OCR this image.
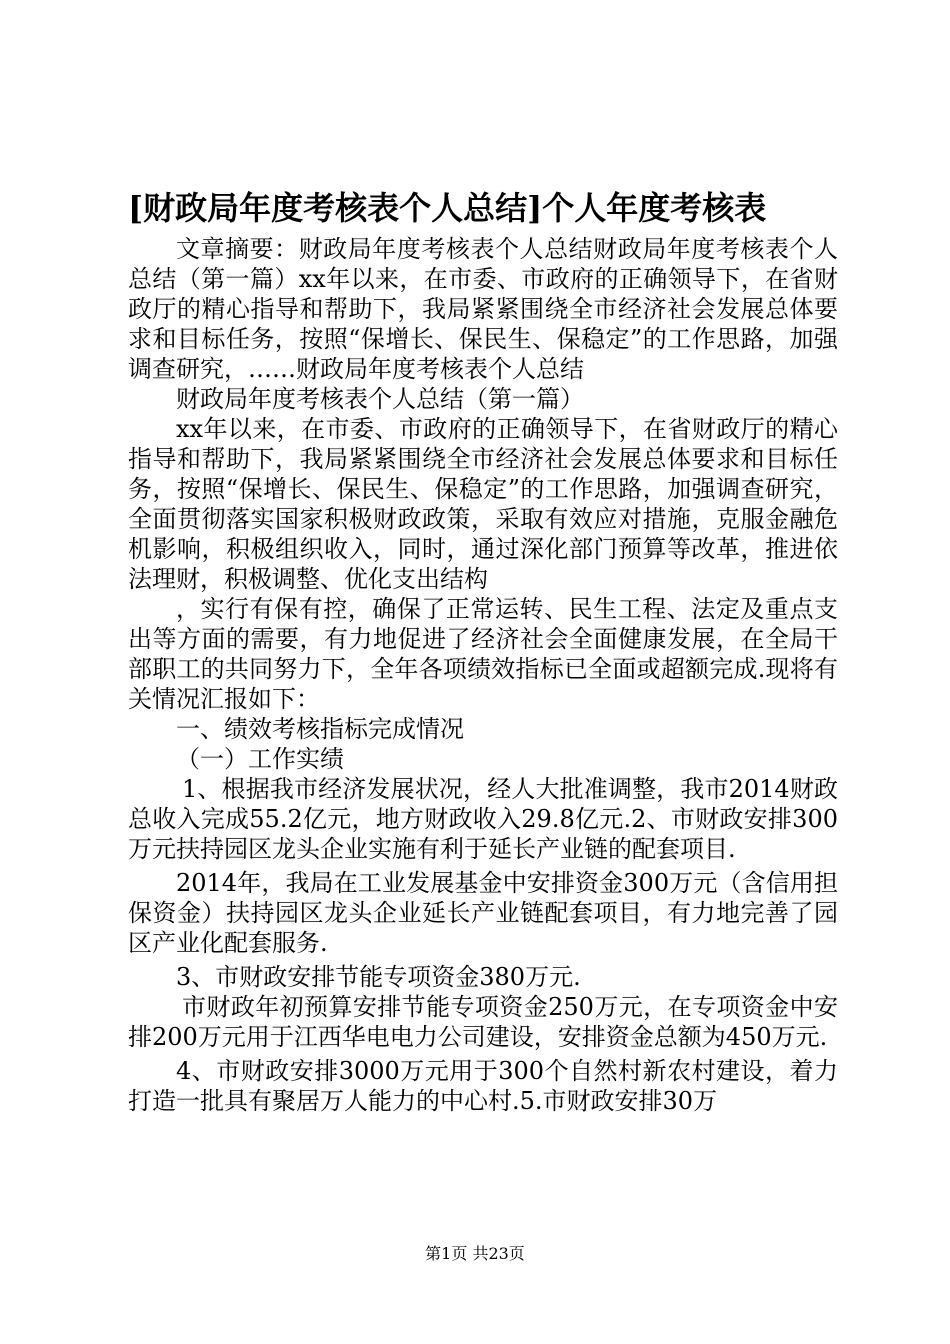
[财政局年度考核表个人总结]个人年度考核表

文章摘要：财政局年度考核表个人总结财政局年度考核表个人总结（第一篇）xx年以来，在市委、市政府的正确领导下，在省财政厅的精心指导和帮助下，我局紧紧围绕全市经济社会发展总体要求和目标任务，按照“保增长、保民生、保稳定”的工作思路，加强调查研究，……财政局年度考核表个人总结

财政局年度考核表个人总结（第一篇）

xx年以来，在市委、市政府的正确领导下，在省财政厅的精心指导和帮助下，我局紧紧围绕全市经济社会发展总体要求和目标任务，按照“保增长、保民生、保稳定”的工作思路，加强调查研究，全面贯彻落实国家积极财政政策，采取有效应对措施，克服金融危机影响，积极组织收入，同时，通过深化部门预算等改革，推进依法理财，积极调整、优化支出结构

，实行有保有控，确保了正常运转、民生工程、法定及重点支出等方面的需要，有力地促进了经济社会全面健康发展，在全局干部职工的共同努力下，全年各项绩效指标已全面或超额完成.现将有关情况汇报如下：

一、绩效考核指标完成情况

（一）工作实绩

1、根据我市经济发展状况，经人大批准调整，我市2014财政总收入完成55.2亿元，地方财政收入29.8亿元.2、市财政安排300万元扶持园区龙头企业实施有利于延长产业链的配套项目.

2014年，我局在工业发展基金中安排资金300万元（含信用担保资金）扶持园区龙头企业延长产业链配套项目，有力地完善了园区产业化配套服务.

3、市财政安排节能专项资金380万元.

市财政年初预算安排节能专项资金250万元，在专项资金中安排200万元用于江西华电电力公司建设，安排资金总额为450万元.

4、市财政安排3000万元用于300个自然村新农村建设，着力打造一批具有聚居万人能力的中心村.5.市财政安排30万

第1页 共23页
